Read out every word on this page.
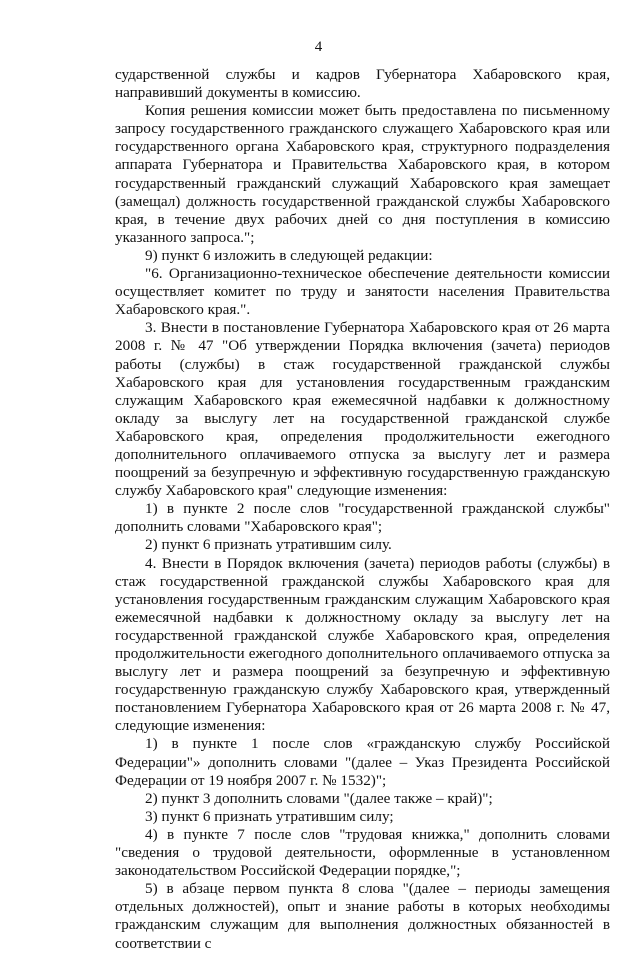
4

сударственной службы и кадров Губернатора Хабаровского края, направивший документы в комиссию.

Копия решения комиссии может быть предоставлена по письменному запросу государственного гражданского служащего Хабаровского края или государственного органа Хабаровского края, структурного подразделения аппарата Губернатора и Правительства Хабаровского края, в котором государственный гражданский служащий Хабаровского края замещает (замещал) должность государственной гражданской службы Хабаровского края, в течение двух рабочих дней со дня поступления в комиссию указанного запроса.";

9) пункт 6 изложить в следующей редакции:

"6. Организационно-техническое обеспечение деятельности комиссии осуществляет комитет по труду и занятости населения Правительства Хабаровского края.".

3. Внести в постановление Губернатора Хабаровского края от 26 марта 2008 г. № 47 "Об утверждении Порядка включения (зачета) периодов работы (службы) в стаж государственной гражданской службы Хабаровского края для установления государственным гражданским служащим Хабаровского края ежемесячной надбавки к должностному окладу за выслугу лет на государственной гражданской службе Хабаровского края, определения продолжительности ежегодного дополнительного оплачиваемого отпуска за выслугу лет и размера поощрений за безупречную и эффективную государственную гражданскую службу Хабаровского края" следующие изменения:

1) в пункте 2 после слов "государственной гражданской службы" дополнить словами "Хабаровского края";

2) пункт 6 признать утратившим силу.

4. Внести в Порядок включения (зачета) периодов работы (службы) в стаж государственной гражданской службы Хабаровского края для установления государственным гражданским служащим Хабаровского края ежемесячной надбавки к должностному окладу за выслугу лет на государственной гражданской службе Хабаровского края, определения продолжительности ежегодного дополнительного оплачиваемого отпуска за выслугу лет и размера поощрений за безупречную и эффективную государственную гражданскую службу Хабаровского края, утвержденный постановлением Губернатора Хабаровского края от 26 марта 2008 г. № 47, следующие изменения:

1) в пункте 1 после слов «гражданскую службу Российской Федерации"» дополнить словами "(далее – Указ Президента Российской Федерации от 19 ноября 2007 г. № 1532)";

2) пункт 3 дополнить словами "(далее также – край)";

3) пункт 6 признать утратившим силу;

4) в пункте 7 после слов "трудовая книжка," дополнить словами "сведения о трудовой деятельности, оформленные в установленном законодательством Российской Федерации порядке,";

5) в абзаце первом пункта 8 слова "(далее – периоды замещения отдельных должностей), опыт и знание работы в которых необходимы гражданским служащим для выполнения должностных обязанностей в соответствии с
